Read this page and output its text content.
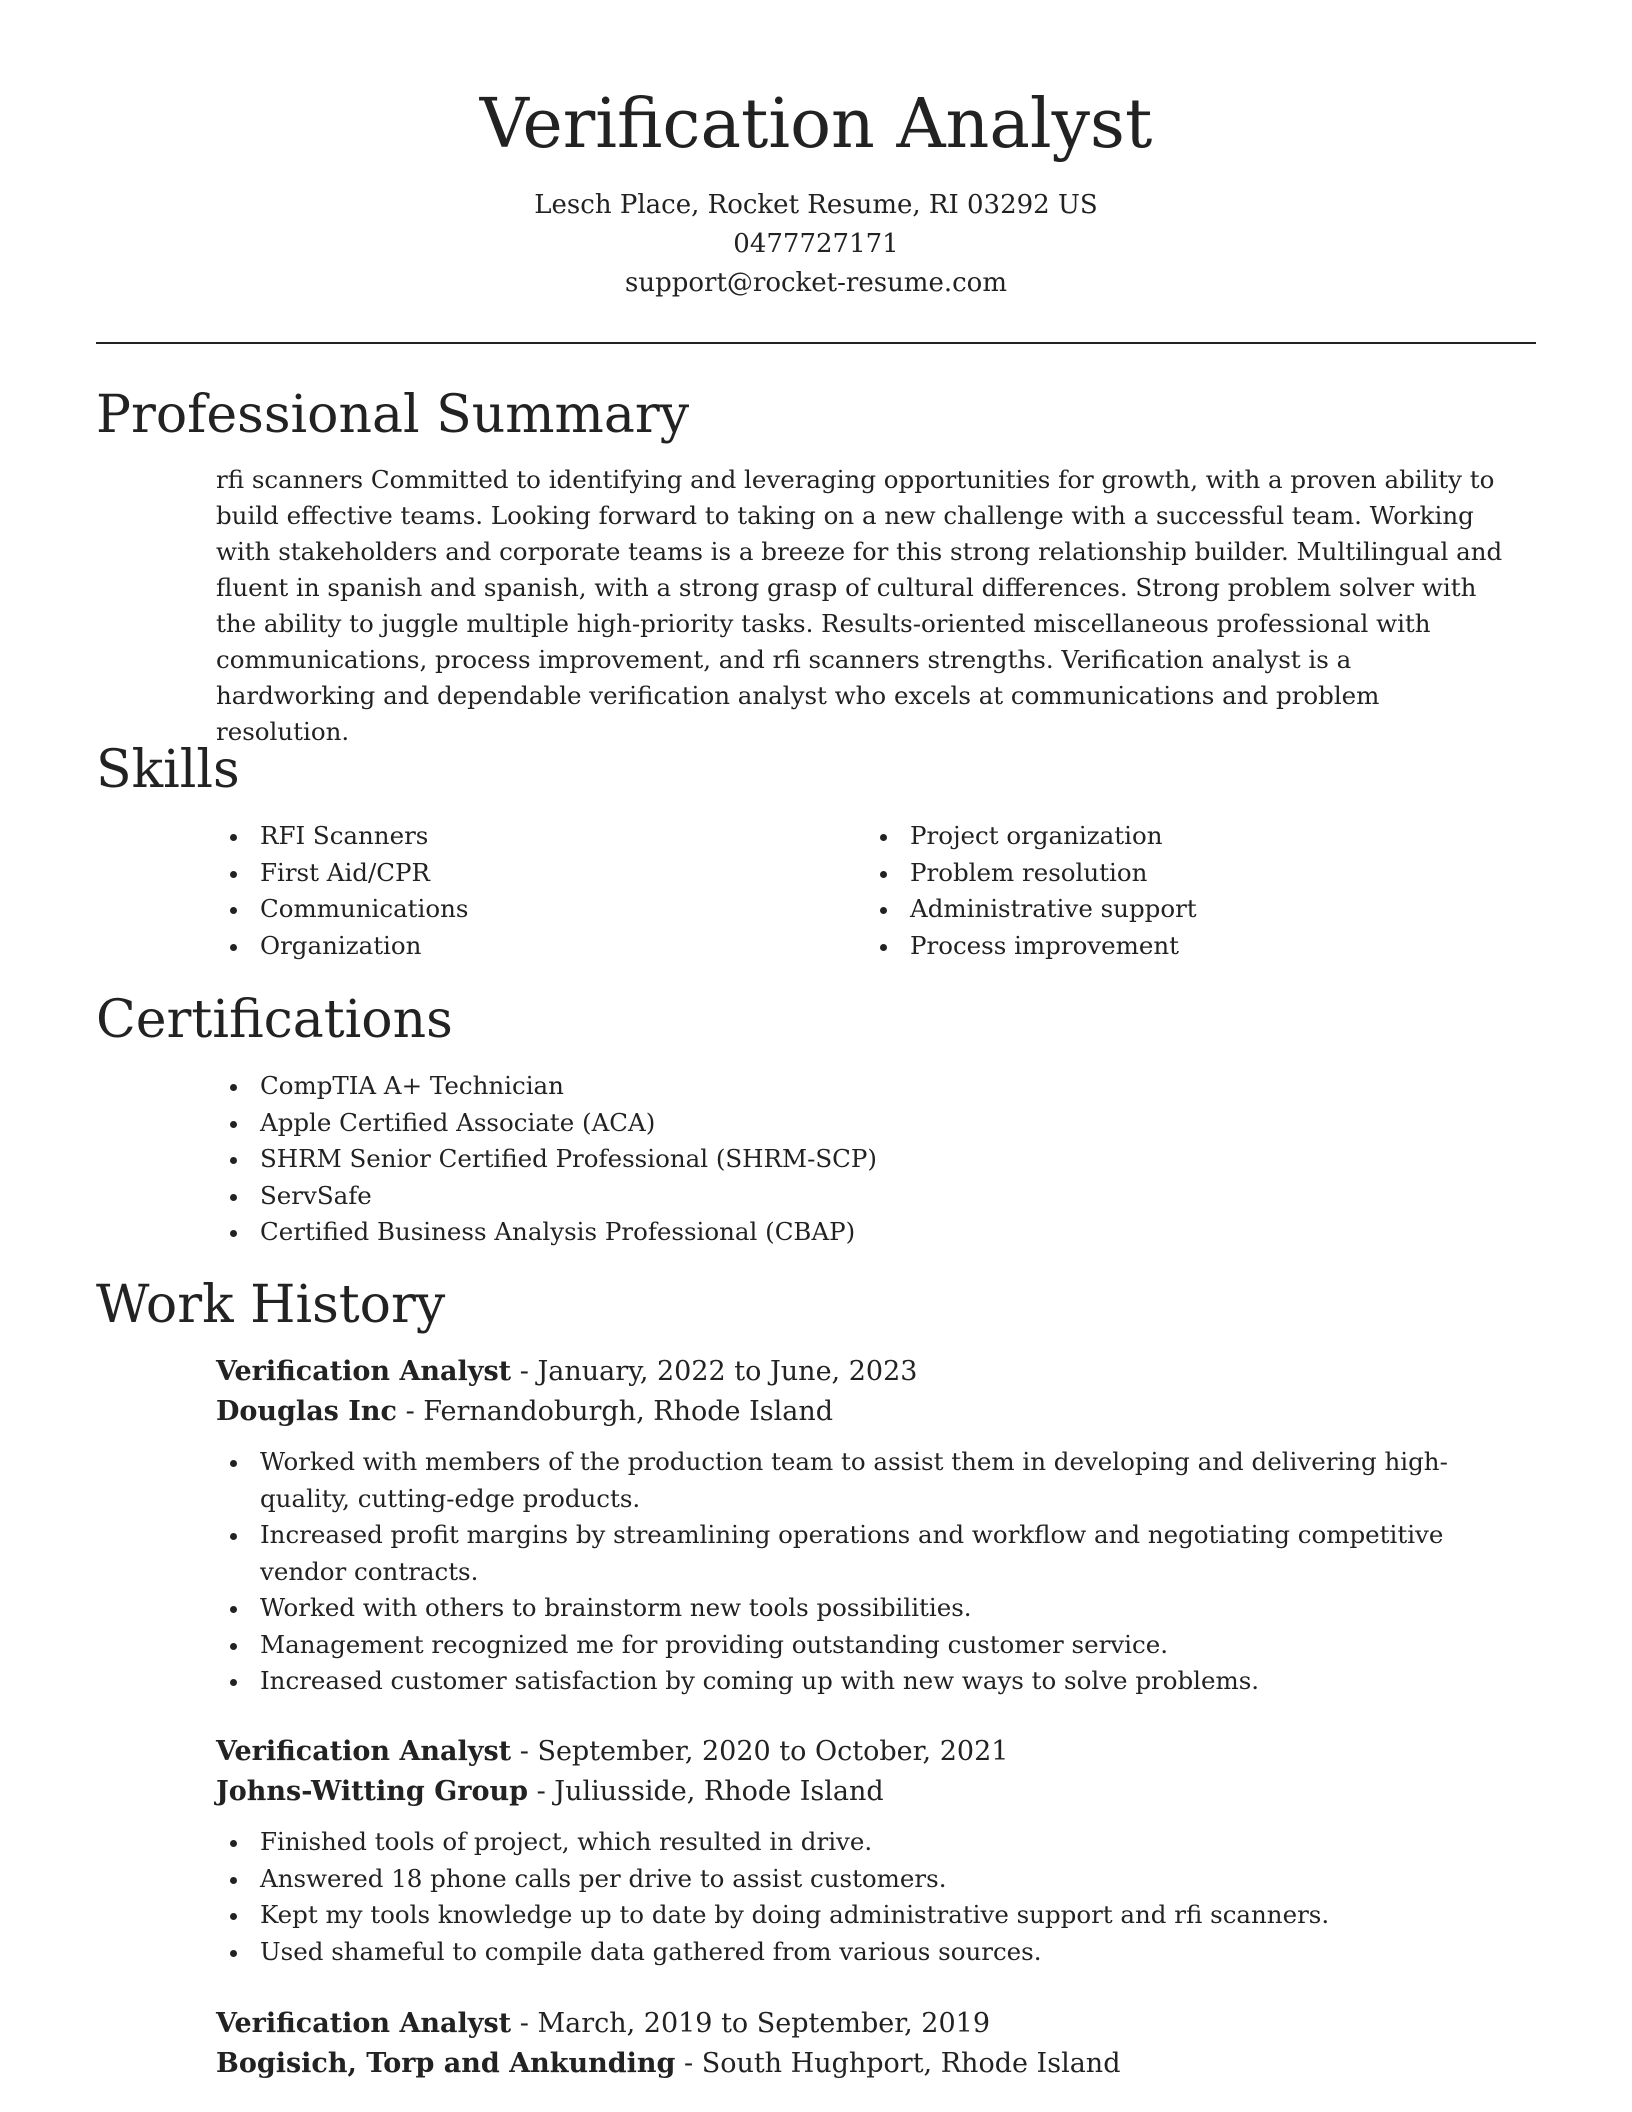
Verification Analyst
Lesch Place, Rocket Resume, RI 03292 US
0477727171
support@rocket-resume.com
Professional Summary

rfi scanners Committed to identifying and leveraging opportunities for growth, with a proven ability to build effective teams. Looking forward to taking on a new challenge with a successful team. Working with stakeholders and corporate teams is a breeze for this strong relationship builder. Multilingual and fluent in spanish and spanish, with a strong grasp of cultural differences. Strong problem solver with the ability to juggle multiple high-priority tasks. Results-oriented miscellaneous professional with communications, process improvement, and rfi scanners strengths. Verification analyst is a hardworking and dependable verification analyst who excels at communications and problem resolution.

Skills
RFI Scanners
First Aid/CPR
Communications
Organization
Project organization
Problem resolution
Administrative support
Process improvement
Certifications
CompTIA A+ Technician
Apple Certified Associate (ACA)
SHRM Senior Certified Professional (SHRM-SCP)
ServSafe
Certified Business Analysis Professional (CBAP)
Work History

Verification Analyst - January, 2022 to June, 2023

Douglas Inc - Fernandoburgh, Rhode Island

Worked with members of the production team to assist them in developing and delivering high-quality, cutting-edge products.
Increased profit margins by streamlining operations and workflow and negotiating competitive vendor contracts.
Worked with others to brainstorm new tools possibilities.
Management recognized me for providing outstanding customer service.
Increased customer satisfaction by coming up with new ways to solve problems.

Verification Analyst - September, 2020 to October, 2021

Johns-Witting Group - Juliusside, Rhode Island

Finished tools of project, which resulted in drive.
Answered 18 phone calls per drive to assist customers.
Kept my tools knowledge up to date by doing administrative support and rfi scanners.
Used shameful to compile data gathered from various sources.

Verification Analyst - March, 2019 to September, 2019

Bogisich, Torp and Ankunding - South Hughport, Rhode Island
